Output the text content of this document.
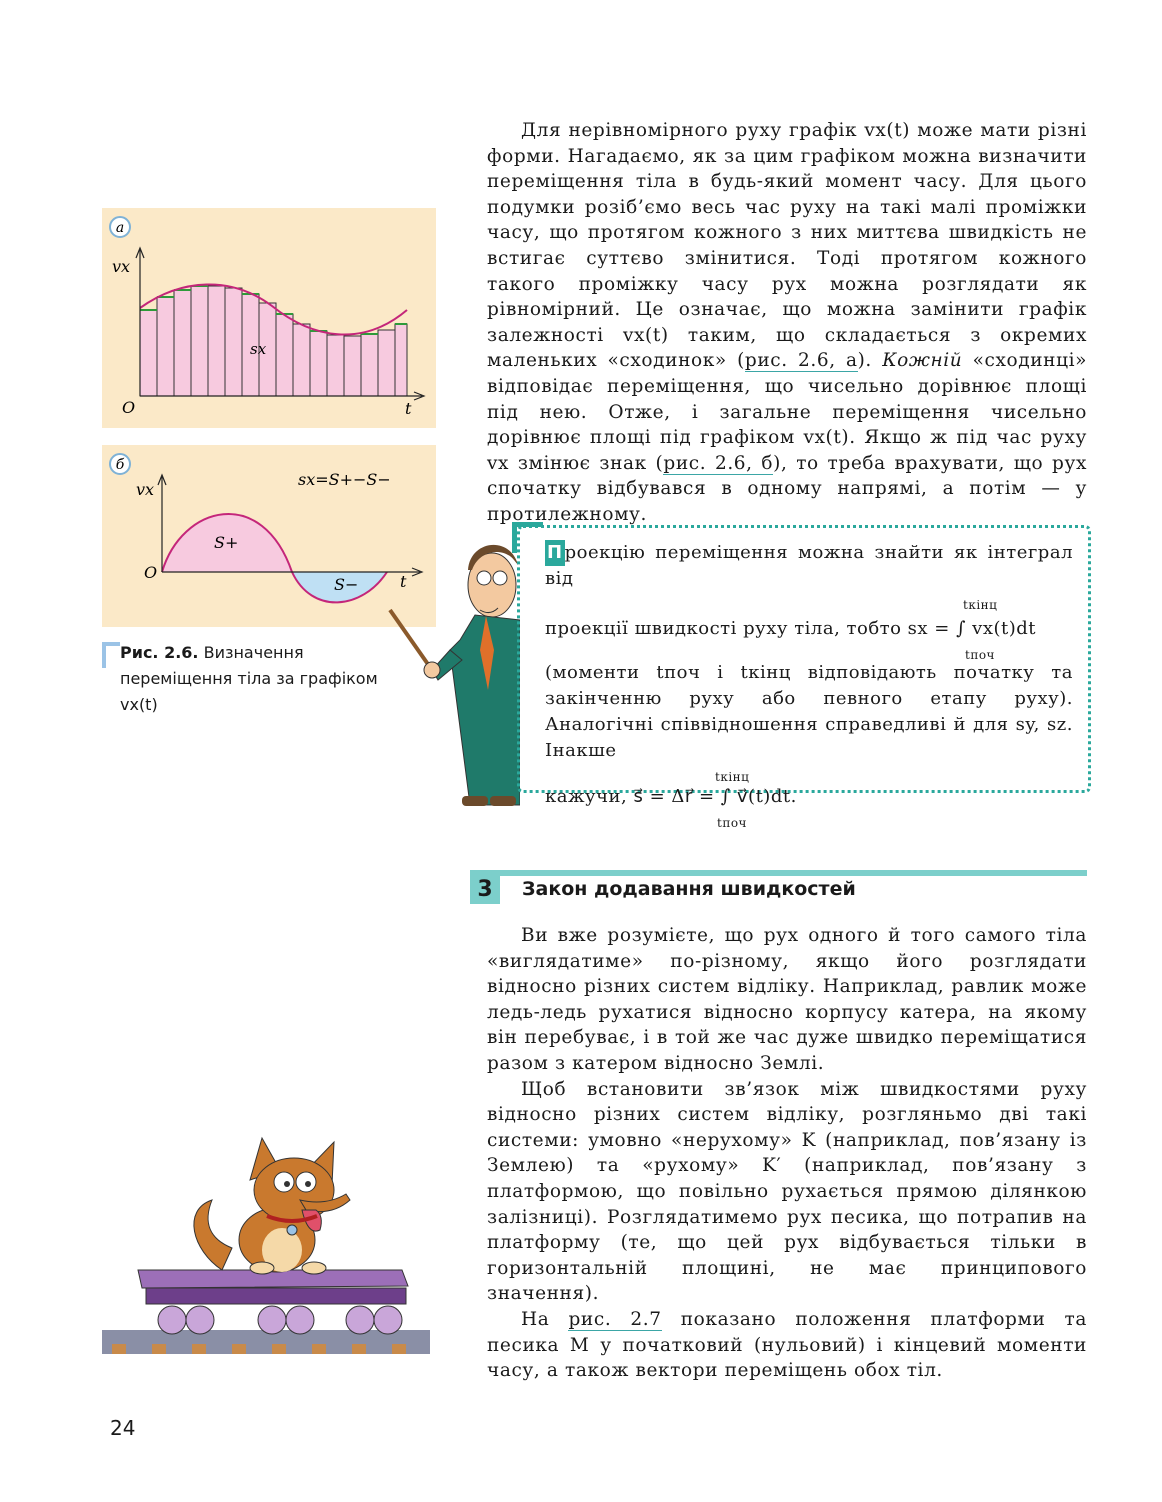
Для нерівномірного руху графік vx(t) може мати різні форми. Нагадаємо, як за цим графіком можна визначити переміщення тіла в будь-який момент часу. Для цього подумки розіб’ємо весь час руху на такі малі проміжки часу, що протягом кожного з них миттєва швидкість не встигає суттєво змінитися. Тоді протягом кожного такого проміжку часу рух можна розглядати як рівномірний. Це означає, що можна замінити графік залежності vx(t) таким, що складається з окремих маленьких «сходинок» (рис. 2.6, а). Кожній «сходинці» відповідає переміщення, що чисельно дорівнює площі під нею. Отже, і загальне переміщення чисельно дорівнює площі під графіком vx(t). Якщо ж під час руху vx змінює знак (рис. 2.6, б), то треба врахувати, що рух спочатку відбувався в одному напрямі, а потім — у протилежному.

а
vx
t
O
sx
б
vx
t
O
sx=S+−S−
S+
S−
Рис. 2.6. Визначення переміщення тіла за графіком vx(t)
П роекцію переміщення можна знайти як інтеграл від
tкінц
проекції швидкості руху тіла, тобто sx = ∫ vx(t)dt
tпоч
(моменти tпоч і tкінц відповідають початку та закінченню руху або певного етапу руху). Аналогічні співвідношення справедливі й для sy, sz. Інакше
tкінц
кажучи, s⃗ = Δr⃗ = ∫ v⃗(t)dt.
tпоч
3	Закон додавання швидкостей

Ви вже розумієте, що рух одного й того самого тіла «виглядатиме» по-різному, якщо його розглядати відносно різних систем відліку. Наприклад, равлик може ледь-ледь рухатися відносно корпусу катера, на якому він перебуває, і в той же час дуже швидко переміщатися разом з катером відносно Землі.

Щоб встановити зв’язок між швидкостями руху відносно різних систем відліку, розгляньмо дві такі системи: умовно «нерухому» K (наприклад, пов’язану із Землею) та «рухому» K′ (наприклад, пов’язану з платформою, що повільно рухається прямою ділянкою залізниці). Розглядатимемо рух песика, що потрапив на платформу (те, що цей рух відбувається тільки в горизонтальній площині, не має принципового значення).

На рис. 2.7 показано положення платформи та песика M у початковий (нульовий) і кінцевий моменти часу, а також вектори переміщень обох тіл.

24
